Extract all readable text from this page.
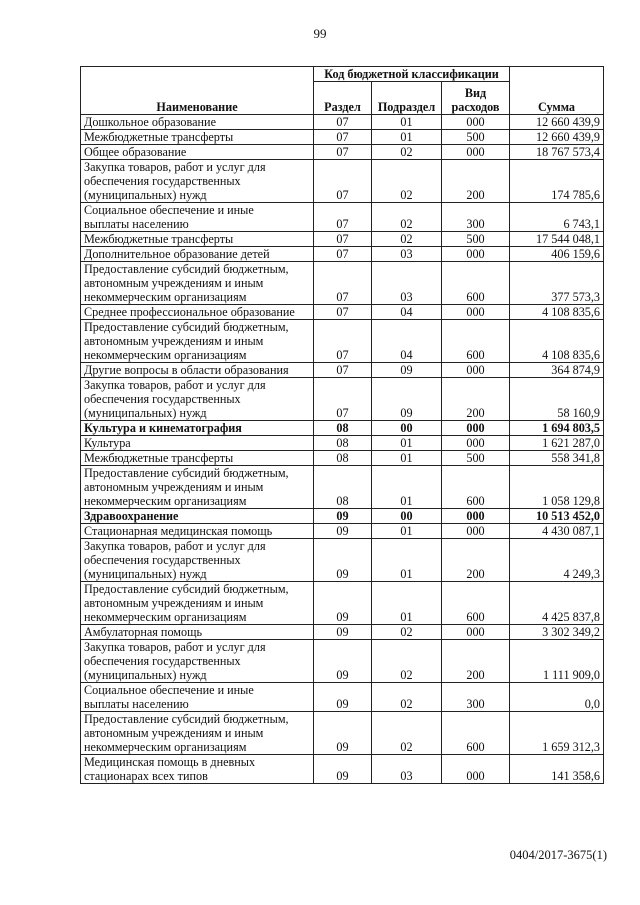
99
Наименование	Код бюджетной классификации			Сумма
	Раздел	Подраздел	Вид
расходов	
Дошкольное образование	07	01	000	12 660 439,9
Межбюджетные трансферты	07	01	500	12 660 439,9
Общее образование	07	02	000	18 767 573,4
Закупка товаров, работ и услуг для
обеспечения государственных
(муниципальных) нужд	07	02	200	174 785,6
Социальное обеспечение и иные
выплаты населению	07	02	300	6 743,1
Межбюджетные трансферты	07	02	500	17 544 048,1
Дополнительное образование детей	07	03	000	406 159,6
Предоставление субсидий бюджетным,
автономным учреждениям и иным
некоммерческим организациям	07	03	600	377 573,3
Среднее профессиональное образование	07	04	000	4 108 835,6
Предоставление субсидий бюджетным,
автономным учреждениям и иным
некоммерческим организациям	07	04	600	4 108 835,6
Другие вопросы в области образования	07	09	000	364 874,9
Закупка товаров, работ и услуг для
обеспечения государственных
(муниципальных) нужд	07	09	200	58 160,9
Культура и кинематография	08	00	000	1 694 803,5
Культура	08	01	000	1 621 287,0
Межбюджетные трансферты	08	01	500	558 341,8
Предоставление субсидий бюджетным,
автономным учреждениям и иным
некоммерческим организациям	08	01	600	1 058 129,8
Здравоохранение	09	00	000	10 513 452,0
Стационарная медицинская помощь	09	01	000	4 430 087,1
Закупка товаров, работ и услуг для
обеспечения государственных
(муниципальных) нужд	09	01	200	4 249,3
Предоставление субсидий бюджетным,
автономным учреждениям и иным
некоммерческим организациям	09	01	600	4 425 837,8
Амбулаторная помощь	09	02	000	3 302 349,2
Закупка товаров, работ и услуг для
обеспечения государственных
(муниципальных) нужд	09	02	200	1 111 909,0
Социальное обеспечение и иные
выплаты населению	09	02	300	0,0
Предоставление субсидий бюджетным,
автономным учреждениям и иным
некоммерческим организациям	09	02	600	1 659 312,3
Медицинская помощь в дневных
стационарах всех типов	09	03	000	141 358,6
0404/2017-3675(1)
